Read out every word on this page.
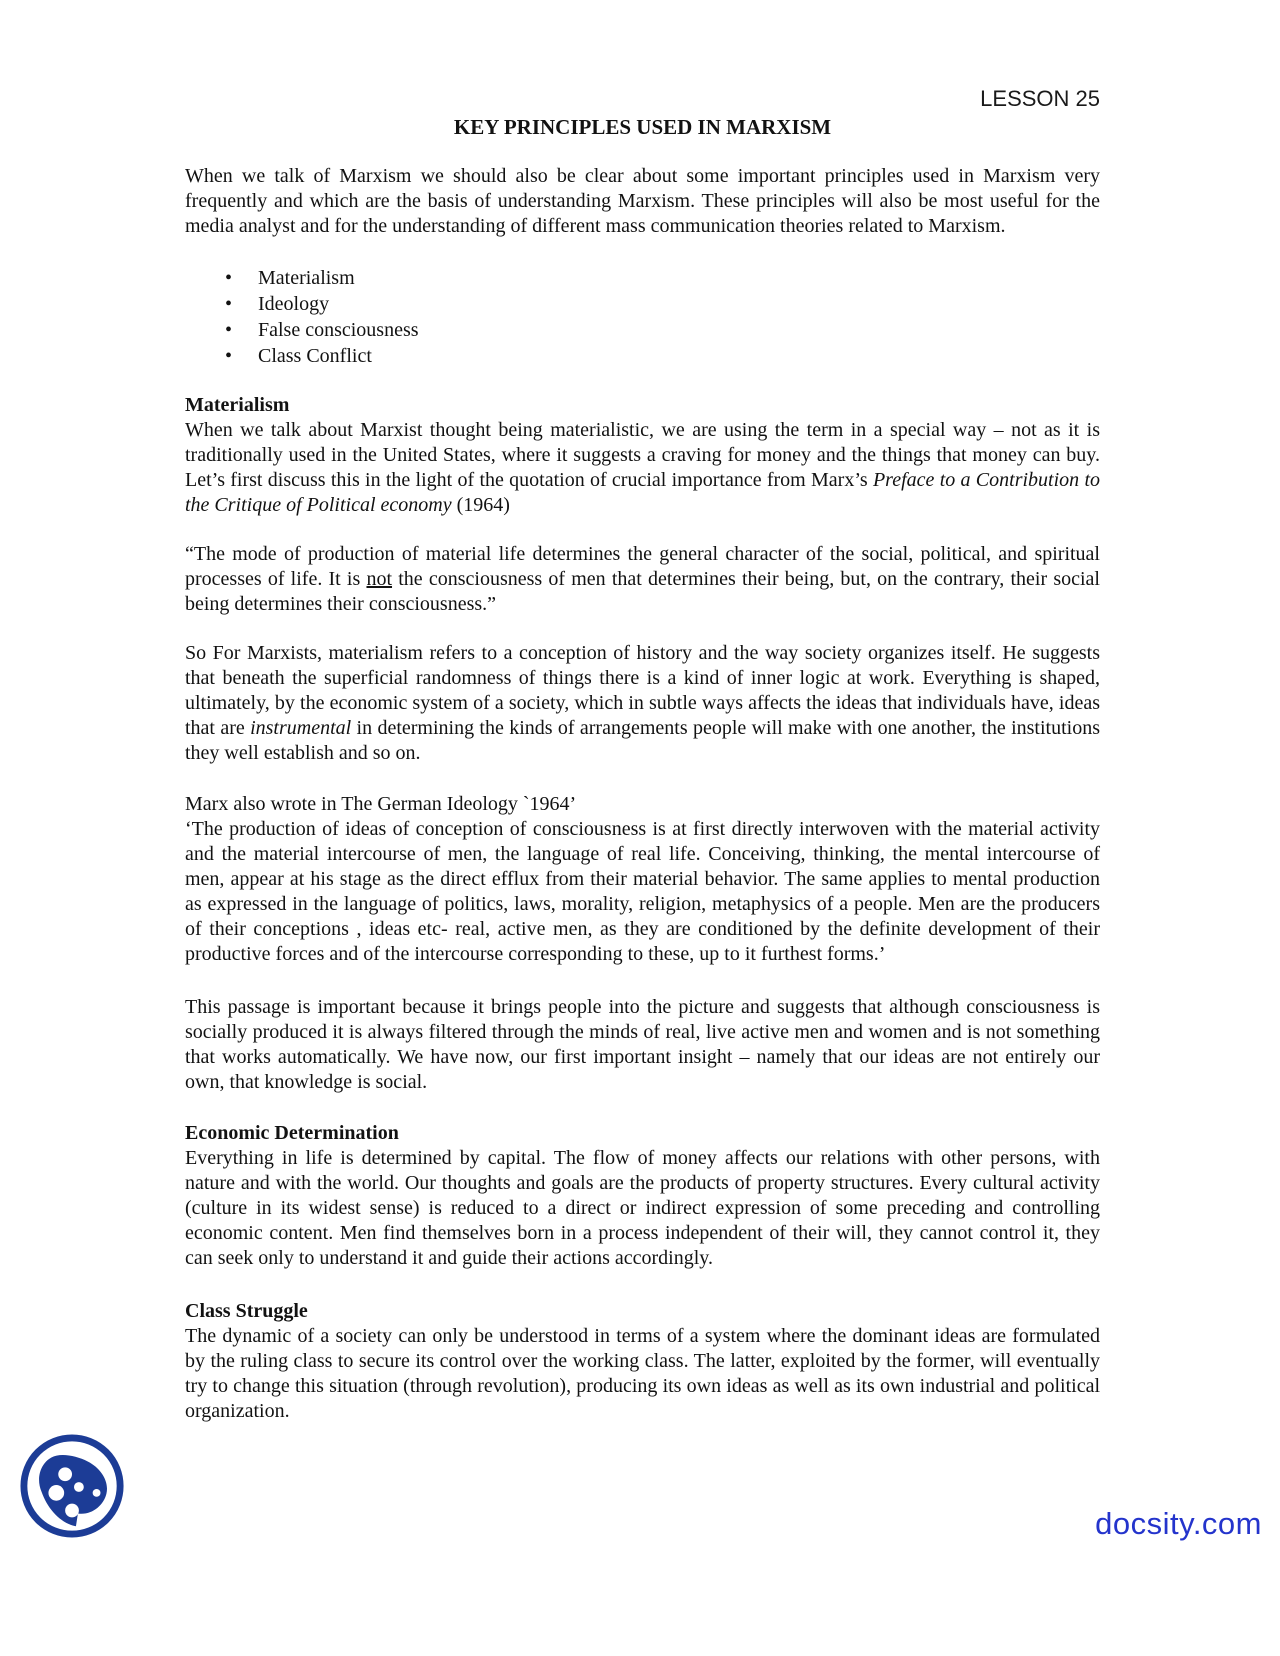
LESSON 25
KEY PRINCIPLES USED IN MARXISM

When we talk of Marxism we should also be clear about some important principles used in Marxism very frequently and which are the basis of understanding Marxism. These principles will also be most useful for the media analyst and for the understanding of different mass communication theories related to Marxism.

•	Materialism
•	Ideology
•	False consciousness
•	Class Conflict
Materialism

When we talk about Marxist thought being materialistic, we are using the term in a special way – not as it is traditionally used in the United States, where it suggests a craving for money and the things that money can buy. Let’s first discuss this in the light of the quotation of crucial importance from Marx’s Preface to a Contribution to the Critique of Political economy (1964)

“The mode of production of material life determines the general character of the social, political, and spiritual processes of life. It is not the consciousness of men that determines their being, but, on the contrary, their social being determines their consciousness.”

So For Marxists, materialism refers to a conception of history and the way society organizes itself. He suggests that beneath the superficial randomness of things there is a kind of inner logic at work. Everything is shaped, ultimately, by the economic system of a society, which in subtle ways affects the ideas that individuals have, ideas that are instrumental in determining the kinds of arrangements people will make with one another, the institutions they well establish and so on.

Marx also wrote in The German Ideology `1964’

‘The production of ideas of conception of consciousness is at first directly interwoven with the material activity and the material intercourse of men, the language of real life. Conceiving, thinking, the mental intercourse of men, appear at his stage as the direct efflux from their material behavior. The same applies to mental production as expressed in the language of politics, laws, morality, religion, metaphysics of a people. Men are the producers of their conceptions , ideas etc- real, active men, as they are conditioned by the definite development of their productive forces and of the intercourse corresponding to these, up to it furthest forms.’

This passage is important because it brings people into the picture and suggests that although consciousness is socially produced it is always filtered through the minds of real, live active men and women and is not something that works automatically. We have now, our first important insight – namely that our ideas are not entirely our own, that knowledge is social.

Economic Determination

Everything in life is determined by capital. The flow of money affects our relations with other persons, with nature and with the world. Our thoughts and goals are the products of property structures. Every cultural activity (culture in its widest sense) is reduced to a direct or indirect expression of some preceding and controlling economic content. Men find themselves born in a process independent of their will, they cannot control it, they can seek only to understand it and guide their actions accordingly.

Class Struggle

The dynamic of a society can only be understood in terms of a system where the dominant ideas are formulated by the ruling class to secure its control over the working class. The latter, exploited by the former, will eventually try to change this situation (through revolution), producing its own ideas as well as its own industrial and political organization.

docsity.com
